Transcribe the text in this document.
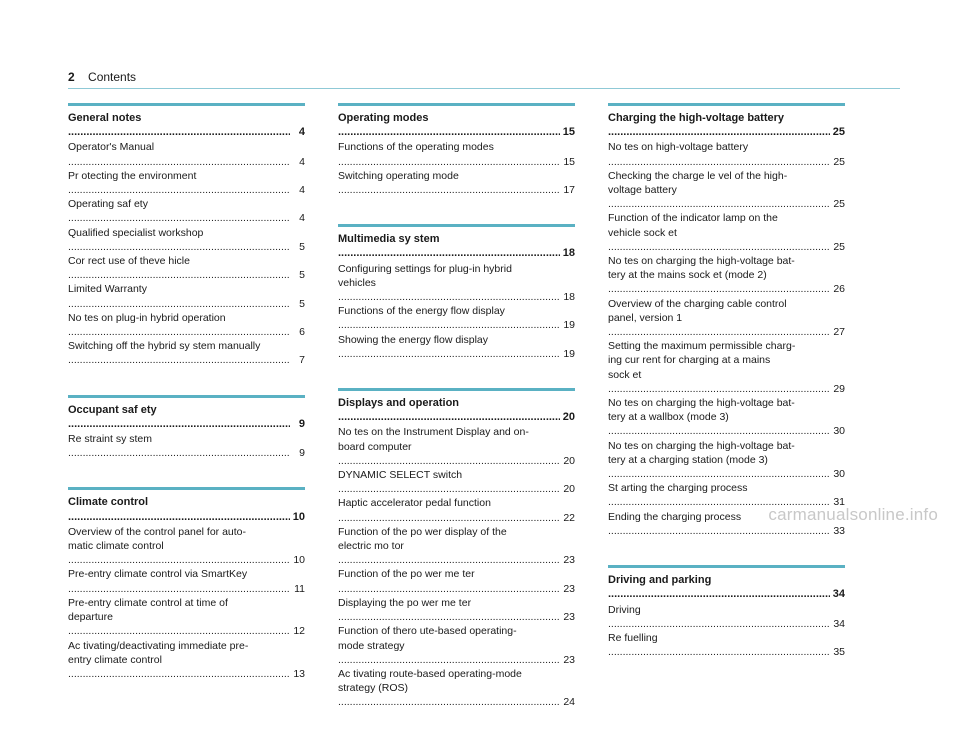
2 Contents
General notes .....
4
Operator's Manual .....
4
Pr otecting the environment .....
4
Operating saf ety .....
4
Qualified specialist workshop .....
5
Cor rect use of theve hicle .....
5
Limited Warranty .....
5
No tes on plug-in hybrid operation .....
6
Switching off the hybrid sy stem manually .....
7
Occupant saf ety .....
9
Re straint sy stem .....
9
Climate control .....
10
Overview of the control panel for auto‐
matic climate control .....
10
Pre-entry climate control via SmartKey .....
11
Pre-entry climate control at time of
departure .....
12
Ac tivating/deactivating immediate pre-
entry climate control .....
13
Operating modes .....
15
Functions of the operating modes .....
15
Switching operating mode .....
17
Multimedia sy stem .....
18
Configuring settings for plug-in hybrid
vehicles .....
18
Functions of the energy flow display .....
19
Showing the energy flow display .....
19
Displays and operation .....
20
No tes on the Instrument Display and on-
board computer .....
20
DYNAMIC SELECT switch .....
20
Haptic accelerator pedal function .....
22
Function of the po wer display of the
electric mo tor .....
23
Function of the po wer me ter .....
23
Displaying the po wer me ter .....
23
Function of thero ute-based operating-
mode strategy .....
23
Ac tivating route-based operating-mode
strategy (ROS) .....
24
Charging the high-voltage battery .....
25
No tes on high-voltage battery .....
25
Checking the charge le vel of the high-
voltage battery .....
25
Function of the indicator lamp on the
vehicle sock et .....
25
No tes on charging the high-voltage bat‐
tery at the mains sock et (mode 2) .....
26
Overview of the charging cable control
panel, version 1 .....
27
Setting the maximum permissible charg‐
ing cur rent for charging at a mains
sock et .....
29
No tes on charging the high-voltage bat‐
tery at a wallbox (mode 3) .....
30
No tes on charging the high-voltage bat‐
tery at a charging station (mode 3) .....
30
St arting the charging process .....
31
Ending the charging process .....
33
Driving and parking .....
34
Driving .....
34
Re fuelling .....
35
carmanualsonline.info
